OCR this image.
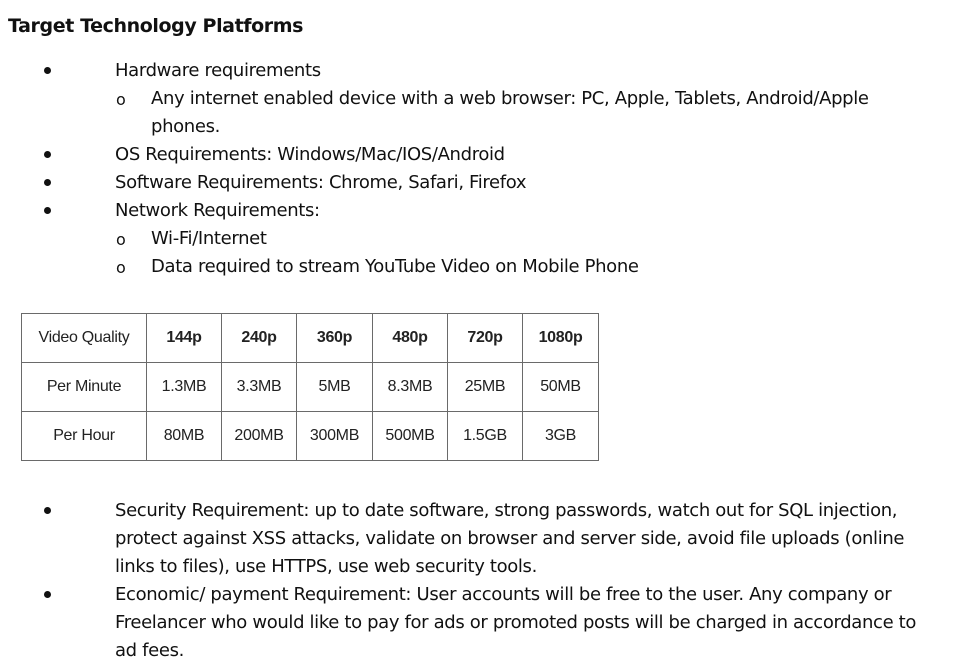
Target Technology Platforms
Hardware requirements
o Any internet enabled device with a web browser: PC, Apple, Tablets, Android/Apple
phones.
OS Requirements: Windows/Mac/IOS/Android
Software Requirements: Chrome, Safari, Firefox
Network Requirements:
o Wi-Fi/Internet
o Data required to stream YouTube Video on Mobile Phone
Video Quality	144p	240p	360p	480p	720p	1080p
Per Minute	1.3MB	3.3MB	5MB	8.3MB	25MB	50MB
Per Hour	80MB	200MB	300MB	500MB	1.5GB	3GB
Security Requirement: up to date software, strong passwords, watch out for SQL injection,
protect against XSS attacks, validate on browser and server side, avoid file uploads (online
links to files), use HTTPS, use web security tools.
Economic/ payment Requirement: User accounts will be free to the user. Any company or
Freelancer who would like to pay for ads or promoted posts will be charged in accordance to
ad fees.
